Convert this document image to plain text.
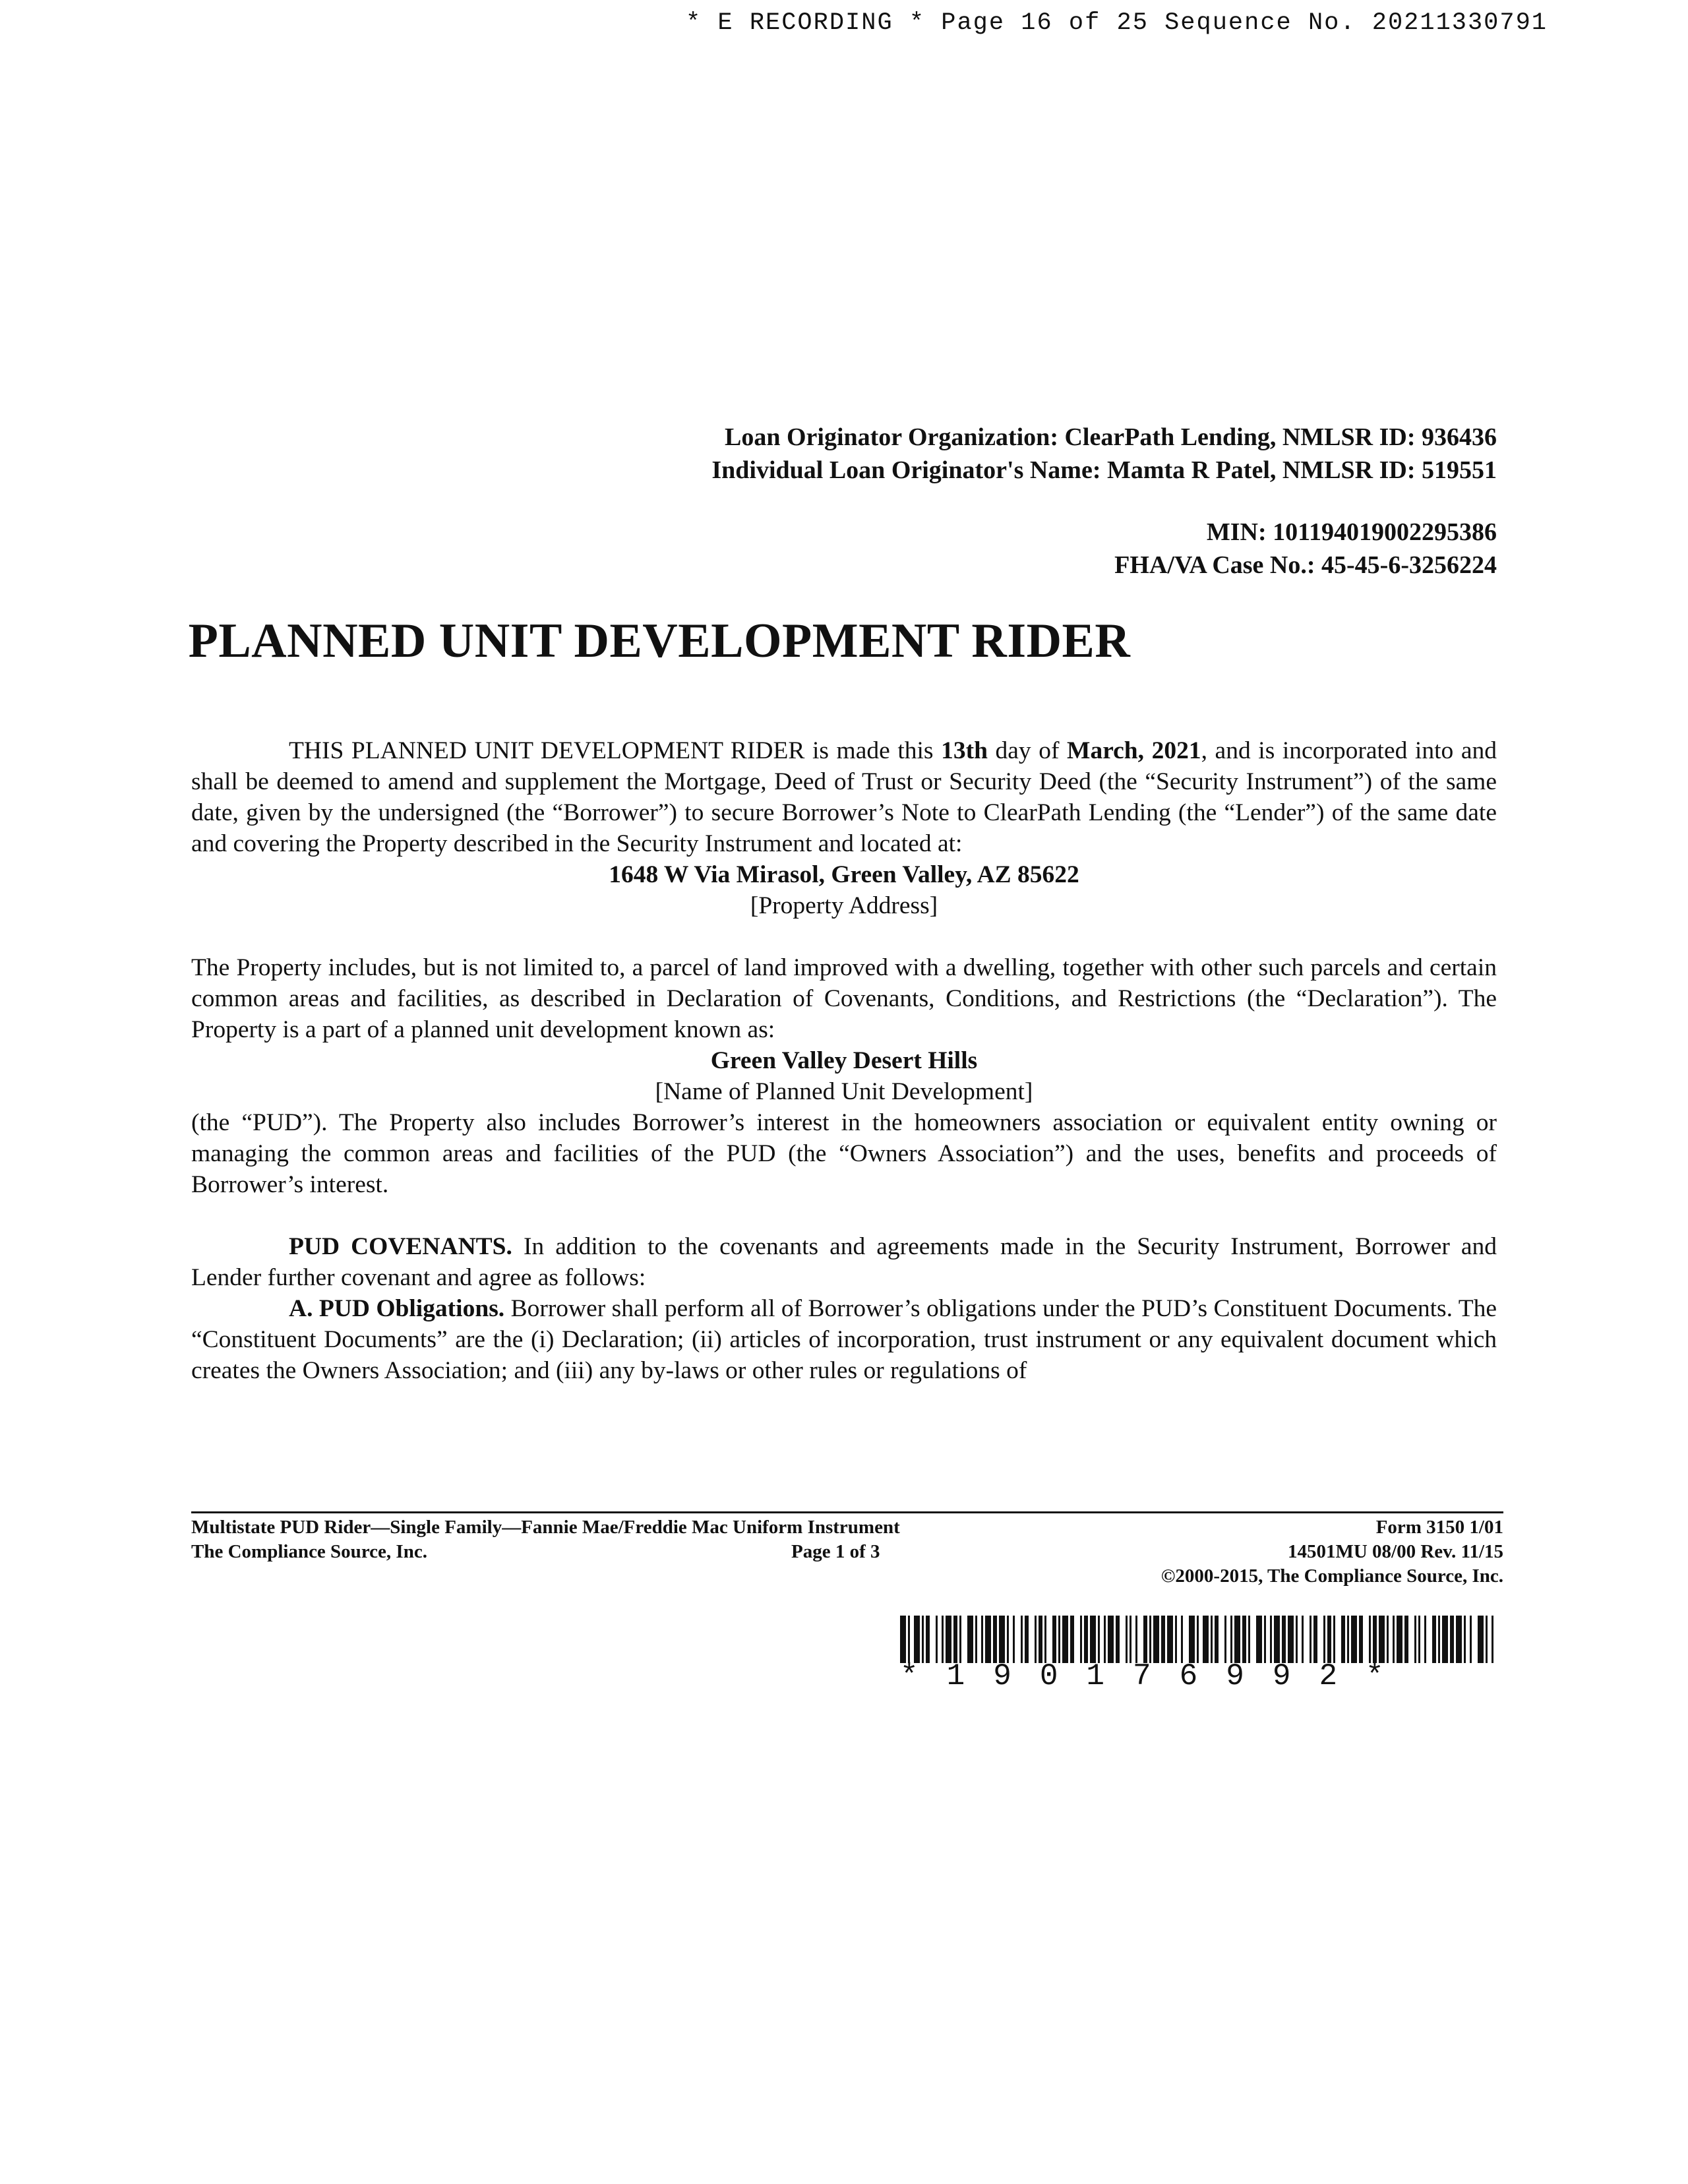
* E RECORDING * Page 16 of 25 Sequence No. 20211330791
Loan Originator Organization: ClearPath Lending, NMLSR ID: 936436
Individual Loan Originator's Name: Mamta R Patel, NMLSR ID: 519551
MIN: 101194019002295386
FHA/VA Case No.: 45-45-6-3256224
PLANNED UNIT DEVELOPMENT RIDER

THIS PLANNED UNIT DEVELOPMENT RIDER is made this 13th day of March, 2021, and is incorporated into and shall be deemed to amend and supplement the Mortgage, Deed of Trust or Security Deed (the “Security Instrument”) of the same date, given by the undersigned (the “Borrower”) to secure Borrower’s Note to ClearPath Lending (the “Lender”) of the same date and covering the Property described in the Security Instrument and located at:

1648 W Via Mirasol, Green Valley, AZ 85622

[Property Address]

The Property includes, but is not limited to, a parcel of land improved with a dwelling, together with other such parcels and certain common areas and facilities, as described in Declaration of Covenants, Conditions, and Restrictions (the “Declaration”). The Property is a part of a planned unit development known as:

Green Valley Desert Hills

[Name of Planned Unit Development]

(the “PUD”). The Property also includes Borrower’s interest in the homeowners association or equivalent entity owning or managing the common areas and facilities of the PUD (the “Owners Association”) and the uses, benefits and proceeds of Borrower’s interest.

PUD COVENANTS. In addition to the covenants and agreements made in the Security Instrument, Borrower and Lender further covenant and agree as follows:

A. PUD Obligations. Borrower shall perform all of Borrower’s obligations under the PUD’s Constituent Documents. The “Constituent Documents” are the (i) Declaration; (ii) articles of incorporation, trust instrument or any equivalent document which creates the Owners Association; and (iii) any by-laws or other rules or regulations of

Multistate PUD Rider—Single Family—Fannie Mae/Freddie Mac Uniform Instrument	Form 3150 1/01
The Compliance Source, Inc.	Page 1 of 3	14501MU 08/00 Rev. 11/15
©2000-2015, The Compliance Source, Inc.
*190176992*
